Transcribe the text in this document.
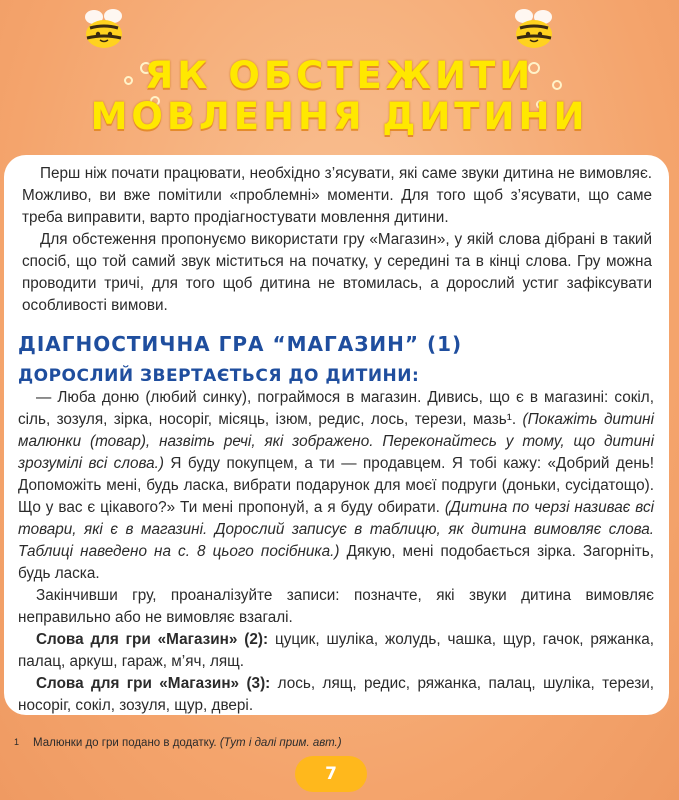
ЯК ОБСТЕЖИТИ
МОВЛЕННЯ ДИТИНИ

Перш ніж почати працювати, необхідно з’ясувати, які саме звуки дитина не вимовляє. Можливо, ви вже помітили «проблемні» моменти. Для того щоб з’ясувати, що саме треба виправити, варто продіагностувати мовлення дитини.

Для обстеження пропонуємо використати гру «Магазин», у якій слова дібрані в такий спосіб, що той самий звук міститься на початку, у середині та в кінці слова. Гру можна проводити тричі, для того щоб дитина не втомилась, а дорослий устиг зафіксувати особливості вимови.

ДІАГНОСТИЧНА ГРА “МАГАЗИН” (1)
ДОРОСЛИЙ ЗВЕРТАЄТЬСЯ ДО ДИТИНИ:

— Люба доню (любий синку), пограймося в магазин. Дивись, що є в магазині: сокіл, сіль, зозуля, зірка, носоріг, місяць, ізюм, редис, лось, терези, мазь¹. (Покажіть дитині малюнки (товар), назвіть речі, які зображено. Переконайтесь у тому, що дитині зрозумілі всі слова.) Я буду покупцем, а ти — продавцем. Я тобі кажу: «Добрий день! Допоможіть мені, будь ласка, вибрати подарунок для моєї подруги (доньки, сусідатощо). Що у вас є цікавого?» Ти мені пропонуй, а я буду обирати. (Дитина по черзі називає всі товари, які є в магазині. Дорослий записує в таблицю, як дитина вимовляє слова. Таблиці наведено на с. 8 цього посібника.) Дякую, мені подобається зірка. Загорніть, будь ласка.

Закінчивши гру, проаналізуйте записи: позначте, які звуки дитина вимовляє неправильно або не вимовляє взагалі.

Слова для гри «Магазин» (2): цуцик, шуліка, жолудь, чашка, щур, гачок, ряжанка, палац, аркуш, гараж, м’яч, лящ.

Слова для гри «Магазин» (3): лось, лящ, редис, ряжанка, палац, шуліка, терези, носоріг, сокіл, зозуля, щур, двері.

$^1$ Малюнки до гри подано в додатку. (Тут і далі прим. авт.)
7
